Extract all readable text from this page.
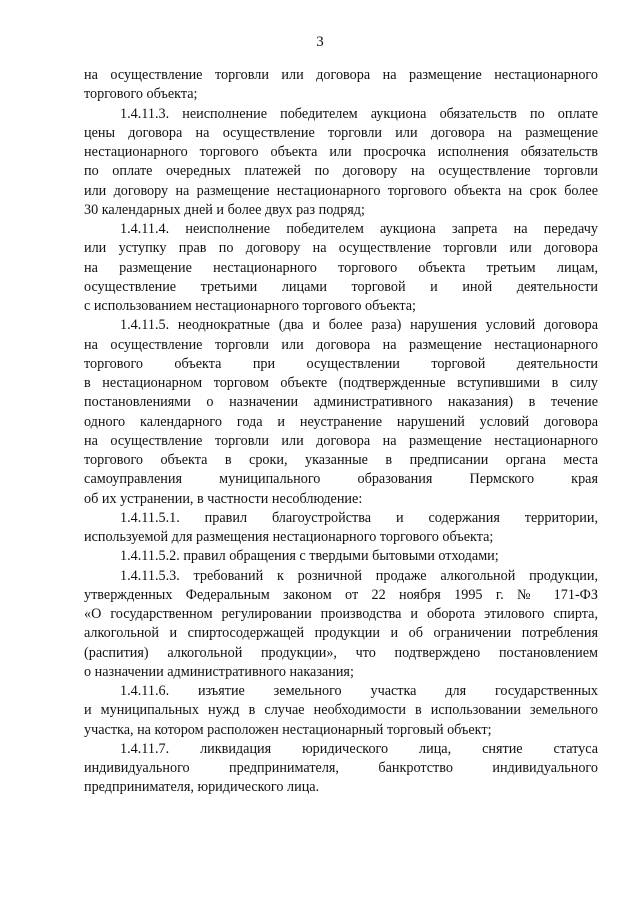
3
на осуществление торговли или договора на размещение нестационарного
торгового объекта;
1.4.11.3. неисполнение победителем аукциона обязательств по оплате
цены договора на осуществление торговли или договора на размещение
нестационарного торгового объекта или просрочка исполнения обязательств
по оплате очередных платежей по договору на осуществление торговли
или договору на размещение нестационарного торгового объекта на срок более
30 календарных дней и более двух раз подряд;
1.4.11.4. неисполнение победителем аукциона запрета на передачу
или уступку прав по договору на осуществление торговли или договора
на размещение нестационарного торгового объекта третьим лицам,
осуществление третьими лицами торговой и иной деятельности
с использованием нестационарного торгового объекта;
1.4.11.5. неоднократные (два и более раза) нарушения условий договора
на осуществление торговли или договора на размещение нестационарного
торгового объекта при осуществлении торговой деятельности
в нестационарном торговом объекте (подтвержденные вступившими в силу
постановлениями о назначении административного наказания) в течение
одного календарного года и неустранение нарушений условий договора
на осуществление торговли или договора на размещение нестационарного
торгового объекта в сроки, указанные в предписании органа места
самоуправления муниципального образования Пермского края
об их устранении, в частности несоблюдение:
1.4.11.5.1. правил благоустройства и содержания территории,
используемой для размещения нестационарного торгового объекта;
1.4.11.5.2. правил обращения с твердыми бытовыми отходами;
1.4.11.5.3. требований к розничной продаже алкогольной продукции,
утвержденных Федеральным законом от 22 ноября 1995 г. № 171-ФЗ
«О государственном регулировании производства и оборота этилового спирта,
алкогольной и спиртосодержащей продукции и об ограничении потребления
(распития) алкогольной продукции», что подтверждено постановлением
о назначении административного наказания;
1.4.11.6. изъятие земельного участка для государственных
и муниципальных нужд в случае необходимости в использовании земельного
участка, на котором расположен нестационарный торговый объект;
1.4.11.7. ликвидация юридического лица, снятие статуса
индивидуального предпринимателя, банкротство индивидуального
предпринимателя, юридического лица.
